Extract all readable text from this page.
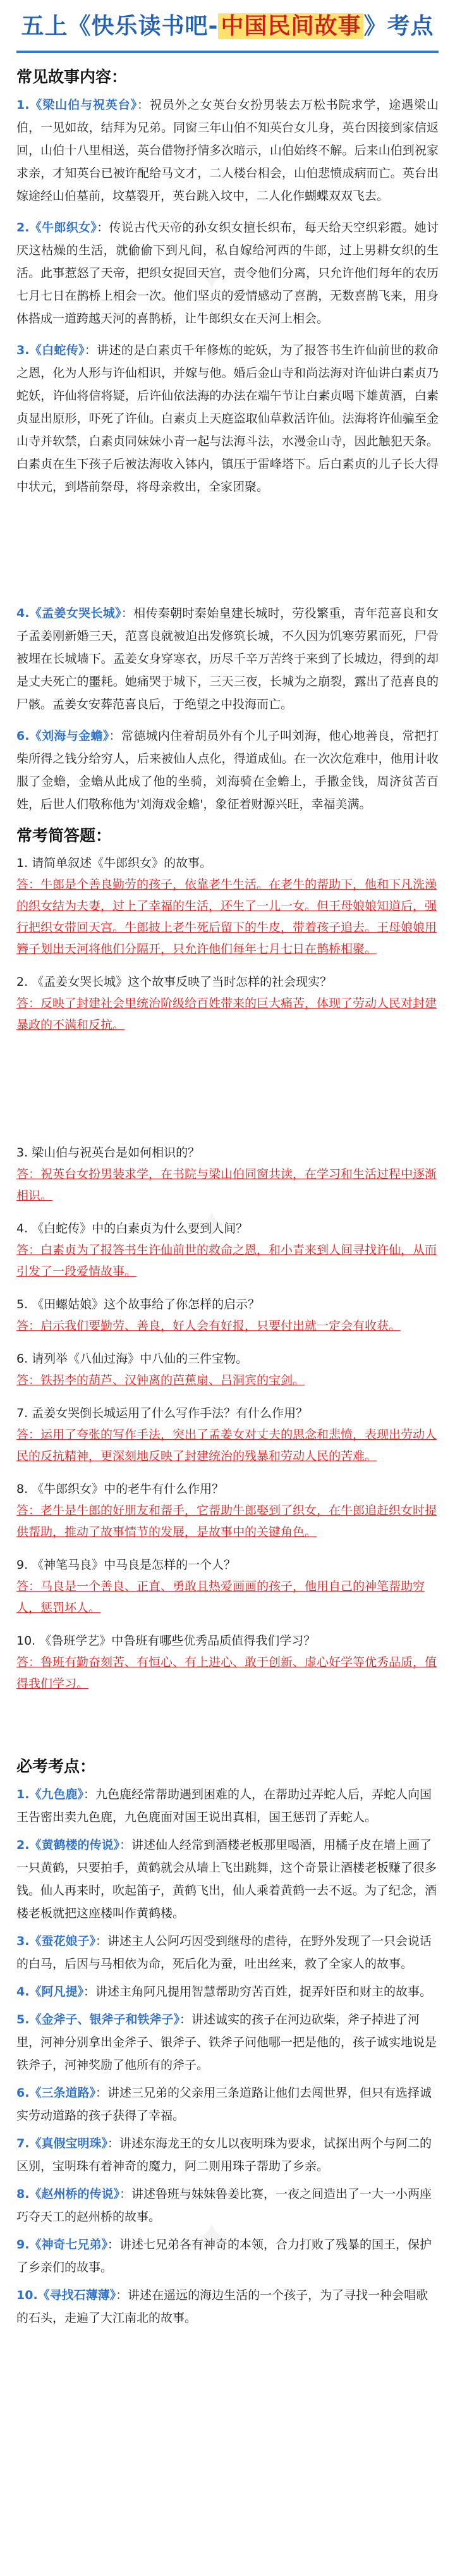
五上《快乐读书吧- 中国民间故事 》考点
常见故事内容：

1.《梁山伯与祝英台》：祝员外之女英台女扮男装去万松书院求学，途遇梁山伯，一见如故，结拜为兄弟。同窗三年山伯不知英台女儿身，英台因接到家信返回，山伯十八里相送，英台借物抒情多次暗示，山伯始终不解。后来山伯到祝家求亲，才知英台已被许配给马文才，二人楼台相会，山伯悲愤成病而亡。英台出嫁途经山伯墓前，坟墓裂开，英台跳入坟中，二人化作蝴蝶双双飞去。

2.《牛郎织女》：传说古代天帝的孙女织女擅长织布，每天给天空织彩霞。她讨厌这枯燥的生活，就偷偷下到凡间，私自嫁给河西的牛郎，过上男耕女织的生活。此事惹怒了天帝，把织女捉回天宫，责令他们分离，只允许他们每年的农历七月七日在鹊桥上相会一次。他们坚贞的爱情感动了喜鹊，无数喜鹊飞来，用身体搭成一道跨越天河的喜鹊桥，让牛郎织女在天河上相会。

3.《白蛇传》：讲述的是白素贞千年修炼的蛇妖，为了报答书生许仙前世的救命之恩，化为人形与许仙相识，并嫁与他。婚后金山寺和尚法海对许仙讲白素贞乃蛇妖，许仙将信将疑，后许仙依法海的办法在端午节让白素贞喝下雄黄酒，白素贞显出原形，吓死了许仙。白素贞上天庭盗取仙草救活许仙。法海将许仙骗至金山寺并软禁，白素贞同妹妹小青一起与法海斗法，水漫金山寺，因此触犯天条。白素贞在生下孩子后被法海收入钵内，镇压于雷峰塔下。后白素贞的儿子长大得中状元，到塔前祭母，将母亲救出，全家团聚。

4.《孟姜女哭长城》：相传秦朝时秦始皇建长城时，劳役繁重，青年范喜良和女子孟姜刚新婚三天，范喜良就被迫出发修筑长城，不久因为饥寒劳累而死，尸骨被埋在长城墙下。孟姜女身穿寒衣，历尽千辛万苦终于来到了长城边，得到的却是丈夫死亡的噩耗。她痛哭于城下，三天三夜，长城为之崩裂，露出了范喜良的尸骸。孟姜女安葬范喜良后，于绝望之中投海而亡。

6.《刘海与金蟾》：常德城内住着胡员外有个儿子叫刘海，他心地善良，常把打柴所得之钱分给穷人，后来被仙人点化，得道成仙。在一次次危难中，他用计收服了金蟾，金蟾从此成了他的坐骑，刘海骑在金蟾上，手撒金钱，周济贫苦百姓，后世人们敬称他为'刘海戏金蟾'，象征着财源兴旺，幸福美满。

常考简答题：
1. 请简单叙述《牛郎织女》的故事。
答：牛郎是个善良勤劳的孩子，依靠老牛生活。在老牛的帮助下，他和下凡洗澡的织女结为夫妻，过上了幸福的生活，还生了一儿一女。但王母娘娘知道后，强行把织女带回天宫。牛郎披上老牛死后留下的牛皮，带着孩子追去。王母娘娘用簪子划出天河将他们分隔开，只允许他们每年七月七日在鹊桥相聚。
2. 《孟姜女哭长城》这个故事反映了当时怎样的社会现实？
答：反映了封建社会里统治阶级给百姓带来的巨大痛苦，体现了劳动人民对封建暴政的不满和反抗。
3. 梁山伯与祝英台是如何相识的？
答：祝英台女扮男装求学，在书院与梁山伯同窗共读，在学习和生活过程中逐渐相识。
4. 《白蛇传》中的白素贞为什么要到人间？
答：白素贞为了报答书生许仙前世的救命之恩，和小青来到人间寻找许仙，从而引发了一段爱情故事。
5. 《田螺姑娘》这个故事给了你怎样的启示？
答：启示我们要勤劳、善良，好人会有好报，只要付出就一定会有收获。
6. 请列举《八仙过海》中八仙的三件宝物。
答：铁拐李的葫芦、汉钟离的芭蕉扇、吕洞宾的宝剑。
7. 孟姜女哭倒长城运用了什么写作手法？有什么作用？
答：运用了夸张的写作手法，突出了孟姜女对丈夫的思念和悲愤，表现出劳动人民的反抗精神，更深刻地反映了封建统治的残暴和劳动人民的苦难。
8. 《牛郎织女》中的老牛有什么作用？
答：老牛是牛郎的好朋友和帮手，它帮助牛郎娶到了织女，在牛郎追赶织女时提供帮助，推动了故事情节的发展，是故事中的关键角色。
9. 《神笔马良》中马良是怎样的一个人？
答：马良是一个善良、正直、勇敢且热爱画画的孩子，他用自己的神笔帮助穷人，惩罚坏人。
10. 《鲁班学艺》中鲁班有哪些优秀品质值得我们学习？
答：鲁班有勤奋刻苦、有恒心、有上进心、敢于创新、虚心好学等优秀品质，值得我们学习。
必考考点：

1.《九色鹿》：九色鹿经常帮助遇到困难的人，在帮助过弄蛇人后，弄蛇人向国王告密出卖九色鹿，九色鹿面对国王说出真相，国王惩罚了弄蛇人。

2.《黄鹤楼的传说》：讲述仙人经常到酒楼老板那里喝酒，用橘子皮在墙上画了一只黄鹤，只要拍手，黄鹤就会从墙上飞出跳舞，这个奇景让酒楼老板赚了很多钱。仙人再来时，吹起笛子，黄鹤飞出，仙人乘着黄鹤一去不返。为了纪念，酒楼老板就把这座楼叫作黄鹤楼。

3.《蚕花娘子》：讲述主人公阿巧因受到继母的虐待，在野外发现了一只会说话的白马，后因与马相依为命，死后化为蚕，吐出丝来，救了全家人的故事。

4.《阿凡提》：讲述主角阿凡提用智慧帮助穷苦百姓，捉弄奸臣和财主的故事。

5.《金斧子、银斧子和铁斧子》：讲述诚实的孩子在河边砍柴，斧子掉进了河里，河神分别拿出金斧子、银斧子、铁斧子问他哪一把是他的，孩子诚实地说是铁斧子，河神奖励了他所有的斧子。

6.《三条道路》：讲述三兄弟的父亲用三条道路让他们去闯世界，但只有选择诚实劳动道路的孩子获得了幸福。

7.《真假宝明珠》：讲述东海龙王的女儿以夜明珠为要求，试探出两个与阿二的区别，宝明珠有着神奇的魔力，阿二则用珠子帮助了乡亲。

8.《赵州桥的传说》：讲述鲁班与妹妹鲁姜比赛，一夜之间造出了一大一小两座巧夺天工的赵州桥的故事。

9.《神奇七兄弟》：讲述七兄弟各有神奇的本领，合力打败了残暴的国王，保护了乡亲们的故事。

10.《寻找石薄薄》：讲述在遥远的海边生活的一个孩子，为了寻找一种会唱歌的石头，走遍了大江南北的故事。

✦
✦
✦
